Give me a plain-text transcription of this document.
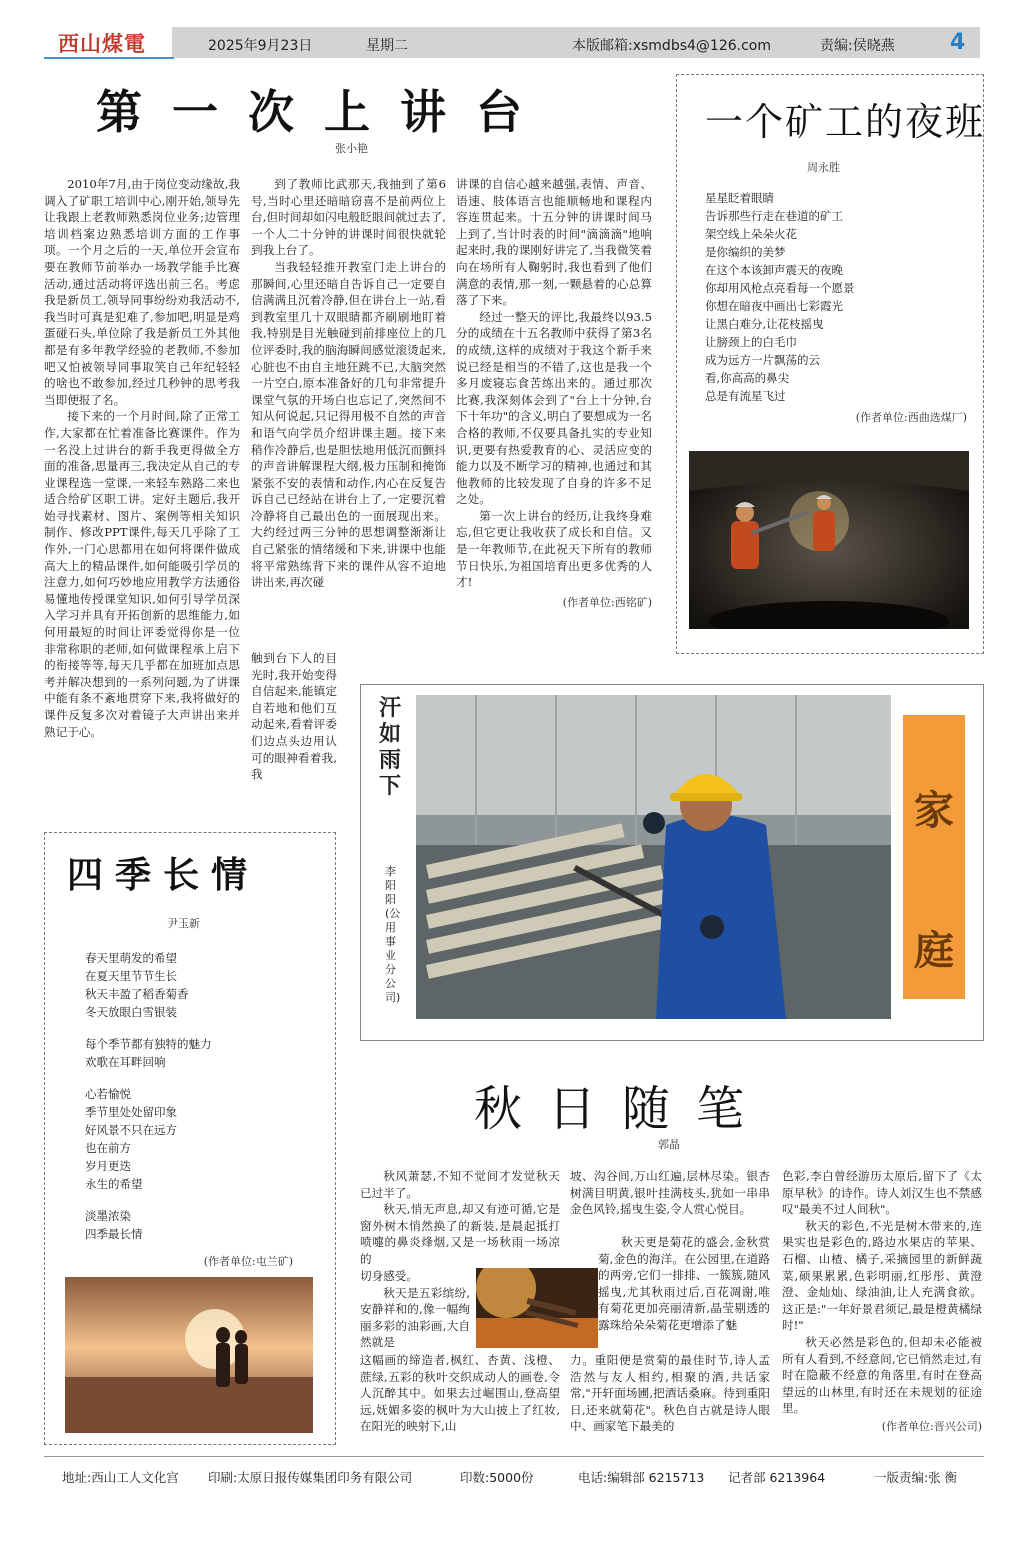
西山煤電	2025年9月23日	星期二	本版邮箱:xsmdbs4@126.com	责编:侯晓燕	4
第一次上讲台
张小艳

2010年7月,由于岗位变动缘故,我调入了矿职工培训中心,刚开始,领导先让我跟上老教师熟悉岗位业务;边管理培训档案边熟悉培训方面的工作事项。一个月之后的一天,单位开会宣布要在教师节前举办一场教学能手比赛活动,通过活动将评选出前三名。考虑我是新员工,领导同事纷纷劝我活动不,我当时可真是犯难了,参加吧,明显是鸡蛋碰石头,单位除了我是新员工外其他都是有多年教学经验的老教师,不参加吧又怕被领导同事取笑自己年纪轻轻的啥也不敢参加,经过几秒钟的思考我当即便报了名。

接下来的一个月时间,除了正常工作,大家都在忙着准备比赛课件。作为一名没上过讲台的新手我更得做全方面的准备,思量再三,我决定从自己的专业课程选一堂课,一来轻车熟路二来也适合给矿区职工讲。定好主题后,我开始寻找素材、图片、案例等相关知识制作、修改PPT课件,每天几乎除了工作外,一门心思都用在如何将课件做成高大上的精品课件,如何能吸引学员的注意力,如何巧妙地应用教学方法通俗易懂地传授课堂知识,如何引导学员深入学习并具有开拓创新的思维能力,如何用最短的时间让评委觉得你是一位非常称职的老师,如何做课程承上启下的衔接等等,每天几乎都在加班加点思考并解决想到的一系列问题,为了讲课中能有条不紊地贯穿下来,我将做好的课件反复多次对着镜子大声讲出来并熟记于心。

到了教师比武那天,我抽到了第6号,当时心里还暗暗窃喜不是前两位上台,但时间却如闪电般眨眼间就过去了,一个人二十分钟的讲课时间很快就轮到我上台了。

当我轻轻推开教室门走上讲台的那瞬间,心里还暗自告诉自己一定要自信满满且沉着冷静,但在讲台上一站,看到教室里几十双眼睛都齐刷刷地盯着我,特别是目光触碰到前排座位上的几位评委时,我的脑海瞬间感觉滚烫起来,心脏也不由自主地狂跳不已,大脑突然一片空白,原本准备好的几句非常提升课堂气氛的开场白也忘记了,突然间不知从何说起,只记得用极不自然的声音和语气向学员介绍讲课主题。接下来稍作冷静后,也是胆怯地用低沉而颤抖的声音讲解课程大纲,极力压制和掩饰紧张不安的表情和动作,内心在反复告诉自己已经站在讲台上了,一定要沉着冷静将自己最出色的一面展现出来。大约经过两三分钟的思想调整渐渐让自己紧张的情绪缓和下来,讲课中也能将平常熟练背下来的课件从容不迫地讲出来,再次碰

触到台下人的目光时,我开始变得自信起来,能镇定自若地和他们互动起来,看着评委们边点头边用认可的眼神看着我,我

讲课的自信心越来越强,表情、声音、语速、肢体语言也能顺畅地和课程内容连贯起来。十五分钟的讲课时间马上到了,当计时表的时间"滴滴滴"地响起来时,我的课刚好讲完了,当我微笑着向在场所有人鞠躬时,我也看到了他们满意的表情,那一刻,一颗悬着的心总算落了下来。

经过一整天的评比,我最终以93.5分的成绩在十五名教师中获得了第3名的成绩,这样的成绩对于我这个新手来说已经是相当的不错了,这也是我一个多月废寝忘食苦练出来的。通过那次比赛,我深刻体会到了"台上十分钟,台下十年功"的含义,明白了要想成为一名合格的教师,不仅要具备扎实的专业知识,更要有热爱教育的心、灵活应变的能力以及不断学习的精神,也通过和其他教师的比较发现了自身的许多不足之处。

第一次上讲台的经历,让我终身难忘,但它更让我收获了成长和自信。又是一年教师节,在此祝天下所有的教师节日快乐,为祖国培育出更多优秀的人才!

(作者单位:西铭矿)
一个矿工的夜班
周永胜
星星眨着眼睛
告诉那些行走在巷道的矿工
架空线上朵朵火花
是你编织的美梦
在这个本该卸声震天的夜晚
你却用风枪点亮看每一个愿景
你想在暗夜中画出七彩霞光
让黑白难分,让花枝摇曳
让膀颈上的白毛巾
成为远方一片飘荡的云
看,你高高的鼻尖
总是有流星飞过
(作者单位:西曲选煤厂)
汗如雨下
李阳阳(公用事业分公司)
家庭
四季长情
尹玉新
春天里萌发的希望
在夏天里节节生长
秋天丰盈了稻香菊香
冬天放眼白雪银装
每个季节都有独特的魅力
欢歌在耳畔回响
心若愉悦
季节里处处留印象
好风景不只在远方
也在前方
岁月更迭
永生的希望
淡墨浓染
四季最长情
(作者单位:屯兰矿)
秋日随笔
郭晶

秋风萧瑟,不知不觉间才发觉秋天已过半了。

秋天,悄无声息,却又有迹可循,它是窗外树木悄然换了的新装,是晨起抵打喷嚏的鼻炎烽烟,又是一场秋雨一场凉的

切身感受。

秋天是五彩缤纷,安静祥和的,像一幅绚丽多彩的油彩画,大自然就是

这幅画的缔造者,枫红、杏黄、浅橙、蔗绿,五彩的秋叶交织成动人的画卷,令人沉醉其中。如果去过崛围山,登高望远,妩媚多姿的枫叶为大山披上了红妆,在阳光的映射下,山

坡、沟谷间,万山红遍,层林尽染。银杏树满目明黄,银叶挂满枝头,犹如一串串金色风铃,摇曳生姿,令人赏心悦目。

秋天更是菊花的盛会,金秋赏菊,金色的海洋。在公园里,在道路的两旁,它们一排排、一簇簇,随风摇曳,尤其秋雨过后,百花凋谢,唯有菊花更加亮丽清新,晶莹剔透的露珠给朵朵菊花更增添了魅

力。重阳便是赏菊的最佳时节,诗人孟浩然与友人相约,相聚的酒,共话家常,"开轩面场圃,把酒话桑麻。待到重阳日,还来就菊花"。秋色自古就是诗人眼中、画家笔下最美的

色彩,李白曾经游历太原后,留下了《太原早秋》的诗作。诗人刘汉生也不禁感叹"最美不过人间秋"。

秋天的彩色,不光是树木带来的,连果实也是彩色的,路边水果店的苹果、石榴、山楂、橘子,采摘园里的新鲜蔬菜,硕果累累,色彩明丽,红彤彤、黄澄澄、金灿灿、绿油油,让人充满食欲。这正是:"一年好景君须记,最是橙黄橘绿时!"

秋天必然是彩色的,但却未必能被所有人看到,不经意间,它已悄然走过,有时在隐蔽不经意的角落里,有时在登高望远的山林里,有时还在未规划的征途里。

(作者单位:晋兴公司)
地址:西山工人文化宫 印刷:太原日报传媒集团印务有限公司	印数:5000份	电话:编辑部 6215713 记者部 6213964	一版责编:张 衡
